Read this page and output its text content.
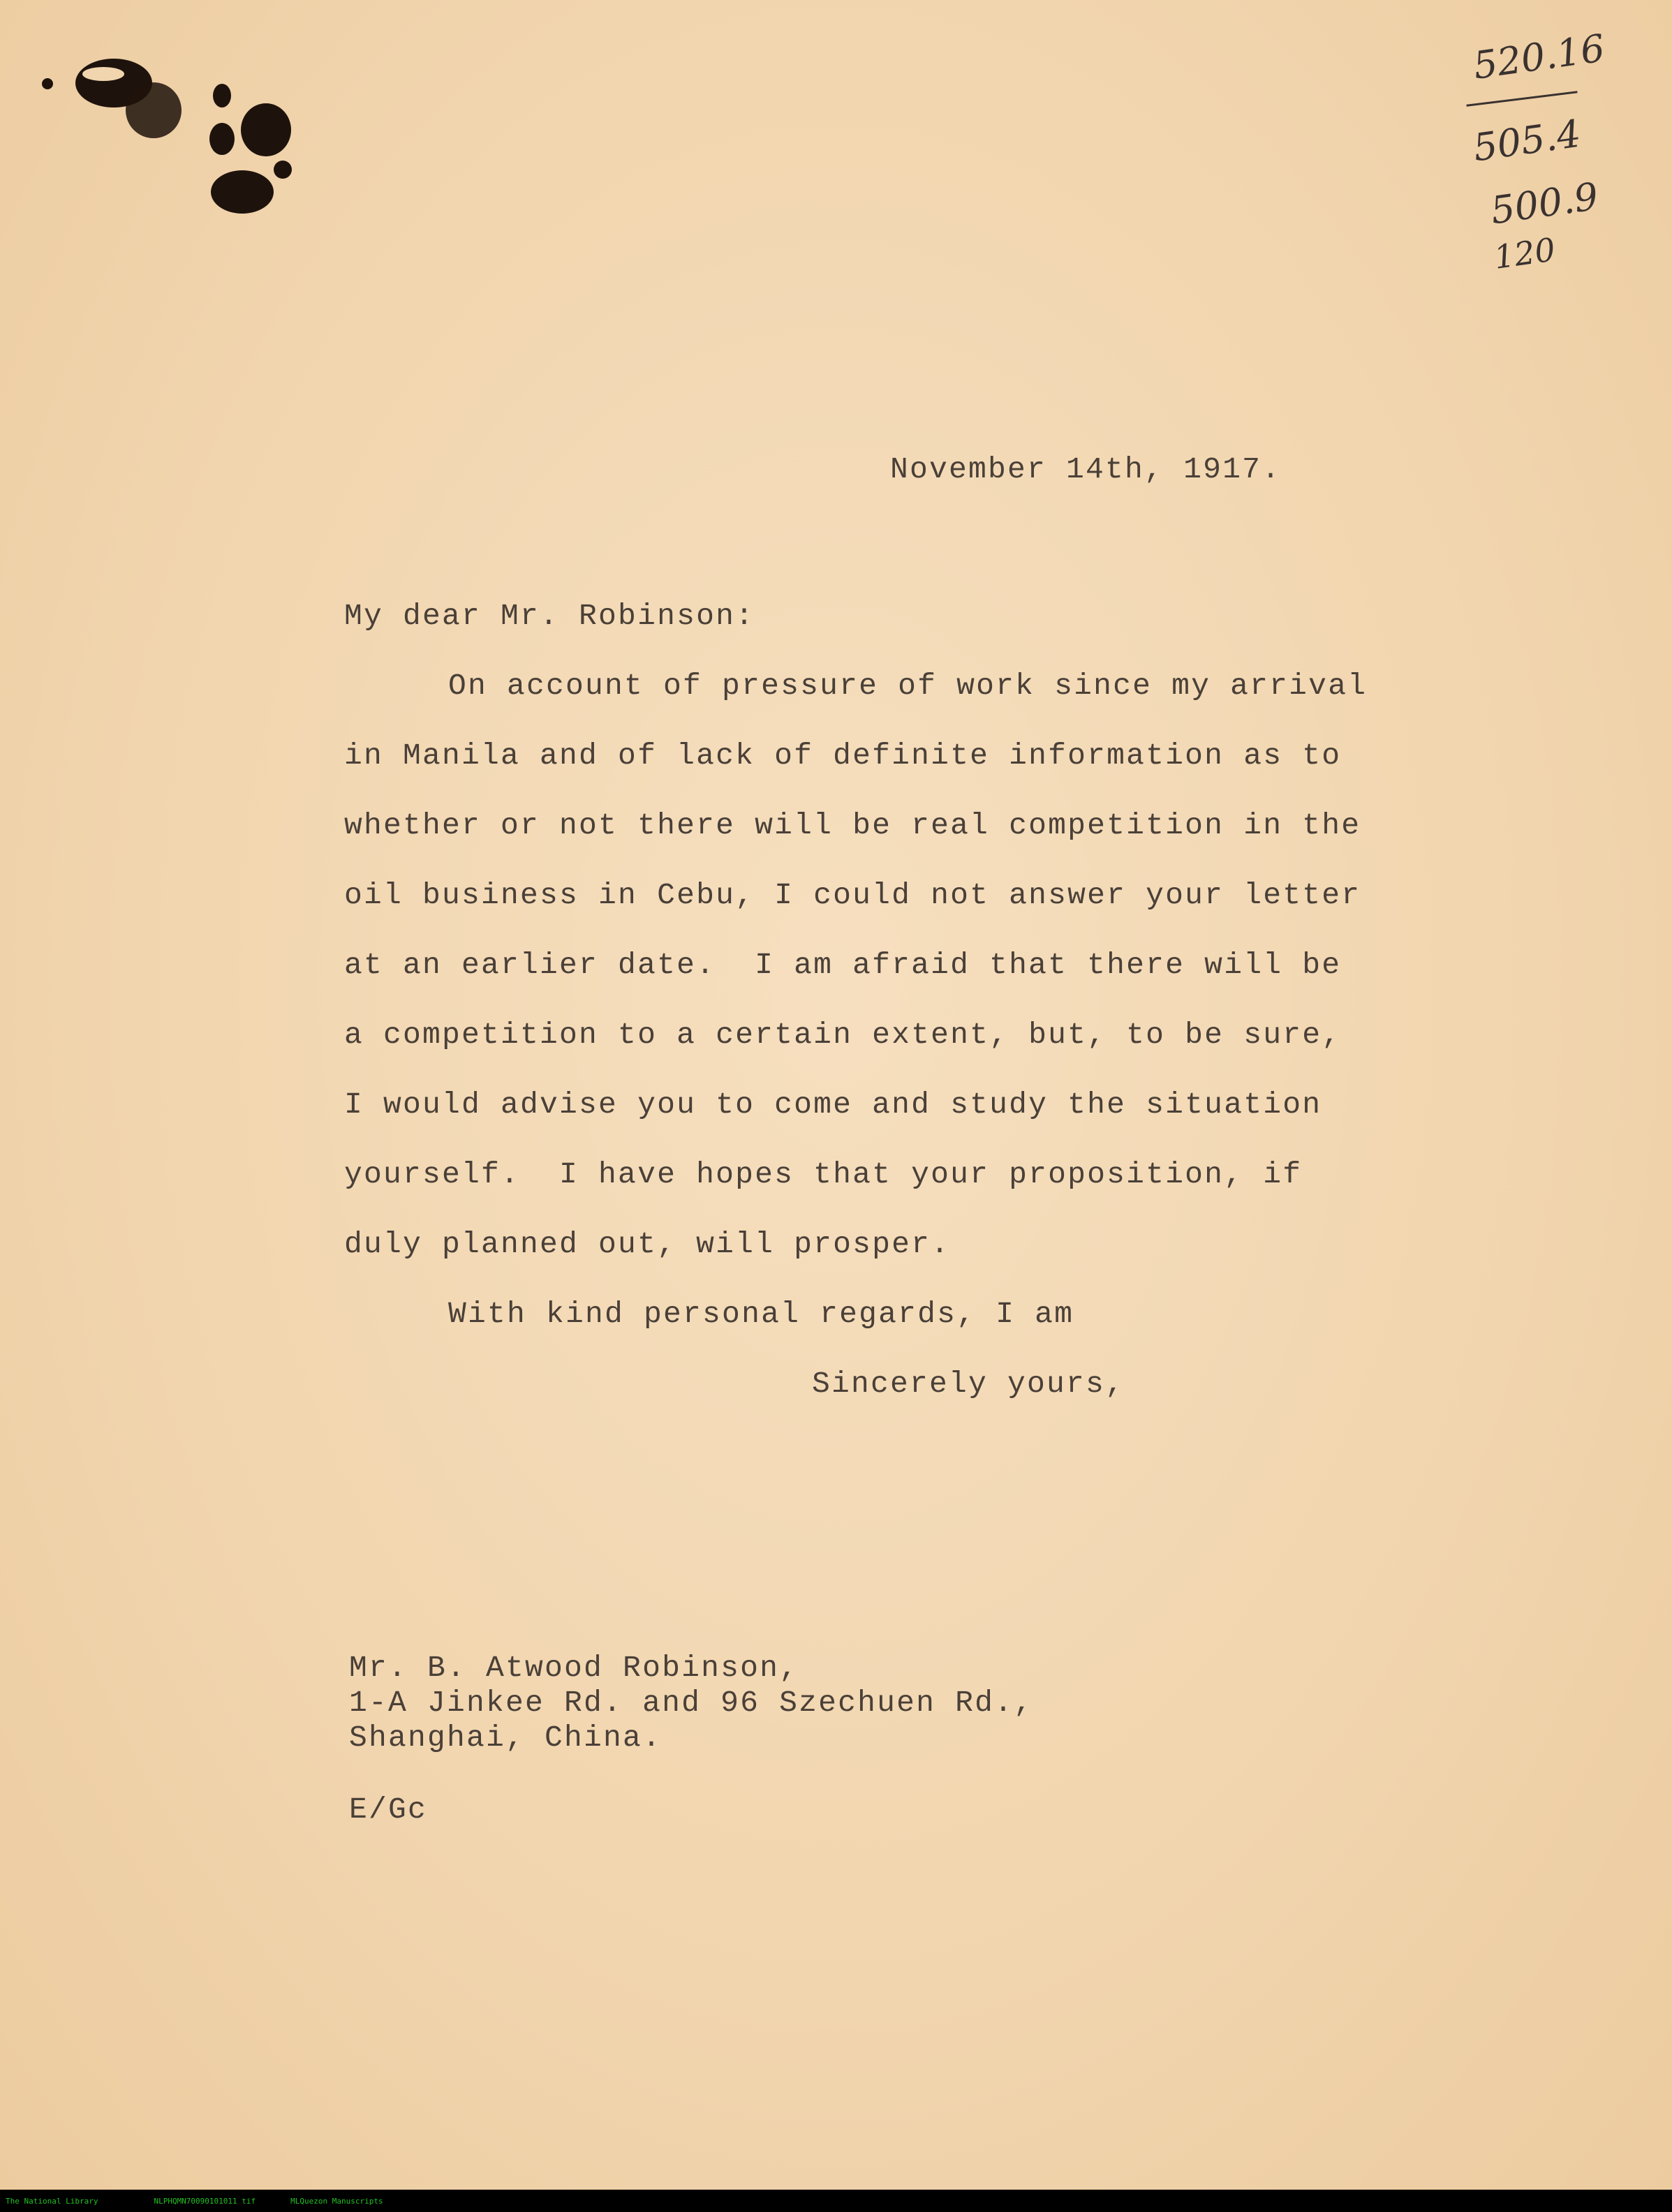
520.16
505.4
500.9
120
November 14th, 1917.
My dear Mr. Robinson:
On account of pressure of work since my arrival
in Manila and of lack of definite information as to
whether or not there will be real competition in the
oil business in Cebu, I could not answer your letter
at an earlier date.  I am afraid that there will be
a competition to a certain extent, but, to be sure,
I would advise you to come and study the situation
yourself.  I have hopes that your proposition, if
duly planned out, will prosper.
With kind personal regards, I am
Sincerely yours,
Mr. B. Atwood Robinson,
1-A Jinkee Rd. and 96 Szechuen Rd.,
Shanghai, China.
E/Gc
The National Library	NLPHQMN70090101011 tif	MLQuezon Manuscripts
